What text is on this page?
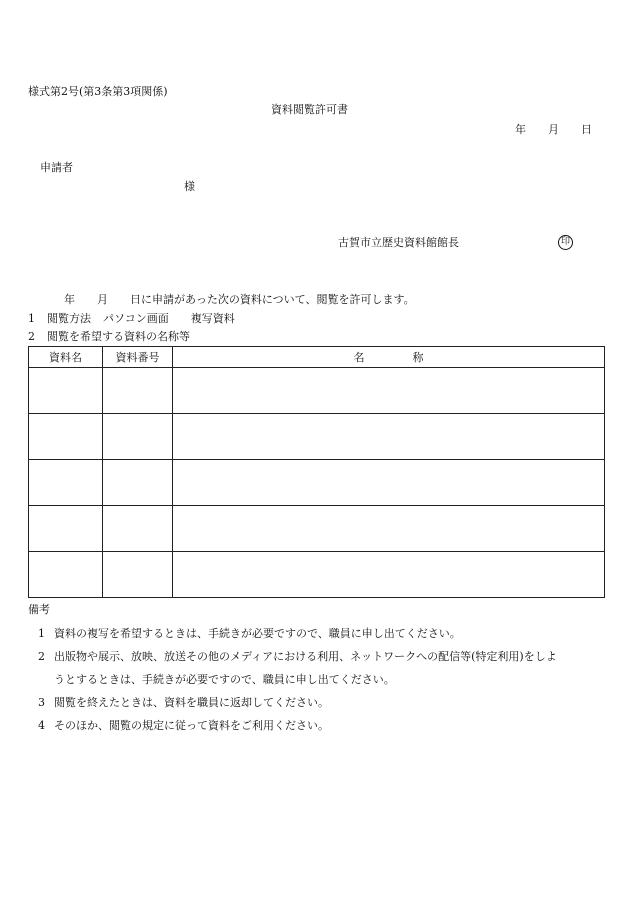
様式第2号(第3条第3項関係)
資料閲覧許可書
年 月 日
申請者
様
古賀市立歴史資料館館長	印
年 月 日に申請があった次の資料について、閲覧を許可します。
1 閲覧方法 パソコン画面 複写資料
2 閲覧を希望する資料の名称等
資料名	資料番号	名 称

備考
1 資料の複写を希望するときは、手続きが必要ですので、職員に申し出てください。
2 出版物や展示、放映、放送その他のメディアにおける利用、ネットワークへの配信等(特定利用)をしよ
うとするときは、手続きが必要ですので、職員に申し出てください。
3 閲覧を終えたときは、資料を職員に返却してください。
4 そのほか、閲覧の規定に従って資料をご利用ください。
